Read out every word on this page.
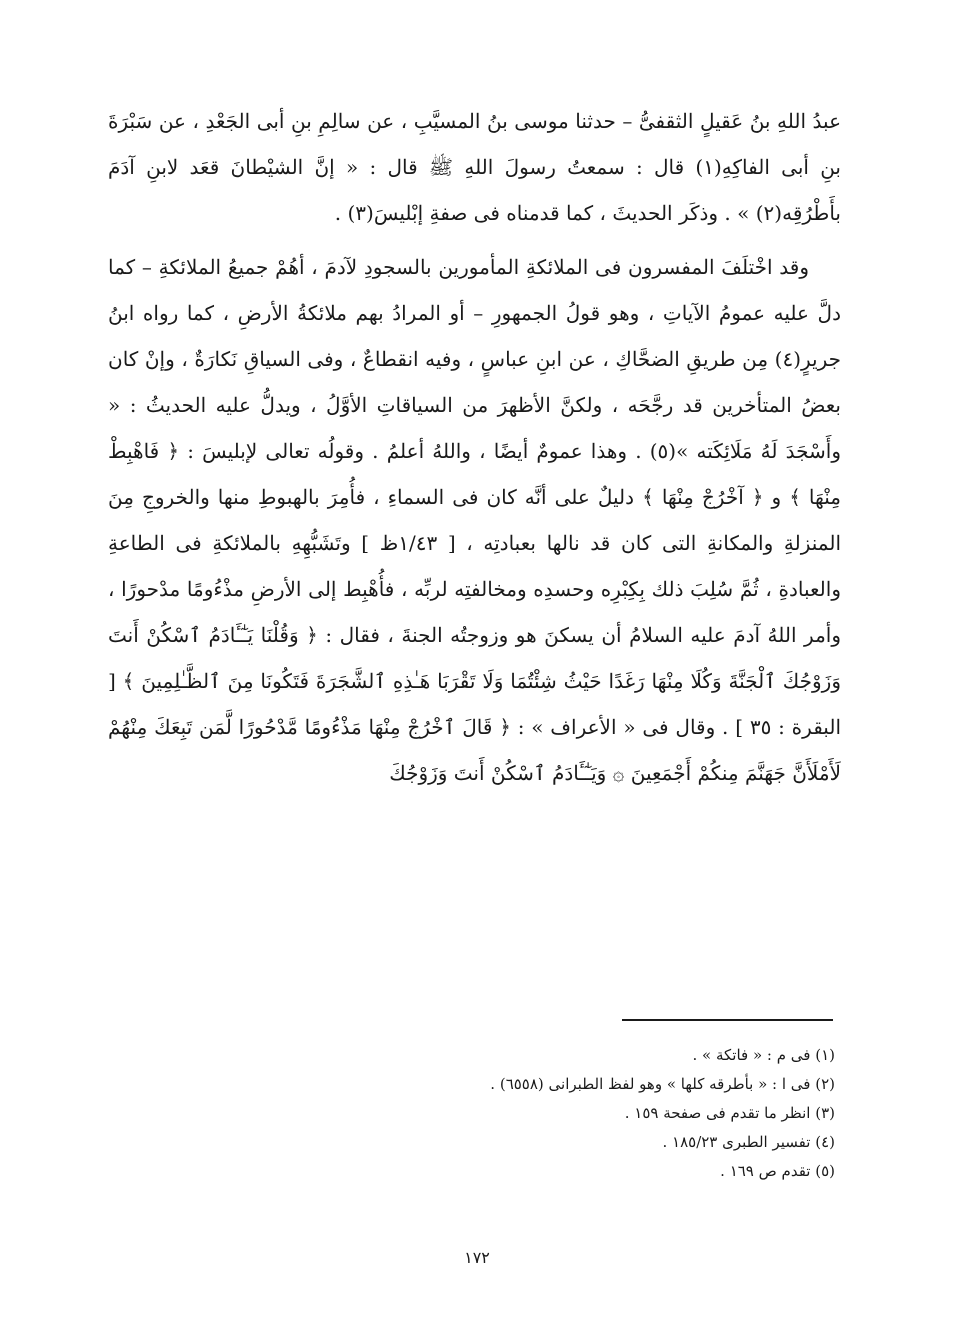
عبدُ اللهِ بنُ عَقيلٍ الثقفىُّ – حدثنا موسى بنُ المسيَّبِ ، عن سالِمِ بنِ أبى الجَعْدِ ، عن سَبْرَةَ بنِ أبى الفاكِهِ(١) قال : سمعتُ رسولَ اللهِ ﷺ قال : « إنَّ الشيْطانَ قعَد لابنِ آدَمَ بأَطْرُقِه(٢) » . وذكَر الحديثَ ، كما قدمناه فى صفةِ إبْليسَ(٣) .

وقد اخْتلَفَ المفسرون فى الملائكةِ المأمورين بالسجودِ لآدمَ ، أهُمْ جميعُ الملائكةِ – كما دلَّ عليه عمومُ الآياتِ ، وهو قولُ الجمهورِ – أو المرادُ بهم ملائكةُ الأرضِ ، كما رواه ابنُ جريرٍ(٤) مِن طريقِ الضحَّاكِ ، عن ابنِ عباسٍ ، وفيه انقطاعٌ ، وفى السياقِ نَكارَةٌ ، وإنْ كان بعضُ المتأخرين قد رجَّحَه ، ولكنَّ الأظهرَ من السياقاتِ الأوَّلُ ، ويدلُّ عليه الحديثُ : « وأَسْجَدَ لَهُ مَلَائِكَته »(٥) . وهذا عمومٌ أيضًا ، واللهُ أعلمُ . وقولُه تعالى لإبليسَ : ﴿ فَاهْبِطْ مِنْهَا ﴾ و ﴿ آخْرُجْ مِنْهَا ﴾ دليلٌ على أنَّه كان فى السماءِ ، فأُمِرَ بالهبوطِ منها والخروجِ مِنَ المنزلةِ والمكانةِ التى كان قد نالها بعبادتِه ، [ ١/٤٣ظ ] وتَشَبُّهِهِ بالملائكةِ فى الطاعةِ والعبادةِ ، ثُمَّ سُلِبَ ذلك بِكِبْرِه وحسدِه ومخالفتِه لربِّه ، فأُهْبِط إلى الأرضِ مذْءُومًا مدْحورًا ، وأمر اللهُ آدمَ عليه السلامُ أن يسكنَ هو وزوجتُه الجنةَ ، فقال : ﴿ وَقُلْنَا يَـٰٓـَٔادَمُ ٱسْكُنْ أَنتَ وَزَوْجُكَ ٱلْجَنَّةَ وَكُلَا مِنْهَا رَغَدًا حَيْثُ شِئْتُمَا وَلَا تَقْرَبَا هَـٰذِهِ ٱلشَّجَرَةَ فَتَكُونَا مِنَ ٱلظَّـٰلِمِينَ ﴾ [ البقرة : ٣٥ ] . وقال فى « الأعراف » : ﴿ قَالَ ٱخْرُجْ مِنْهَا مَذْءُومًا مَّدْحُورًا لَّمَن تَبِعَكَ مِنْهُمْ لَأَمْلَأَنَّ جَهَنَّمَ مِنكُمْ أَجْمَعِينَ ۞ وَيَـٰٓـَٔادَمُ ٱسْكُنْ أَنتَ وَزَوْجُكَ

(١) فى م : « فاتكة » .
(٢) فى ا : « بأطرقه كلها » وهو لفظ الطبرانى (٦٥٥٨) .
(٣) انظر ما تقدم فى صفحة ١٥٩ .
(٤) تفسير الطبرى ١٨٥/٢٣ .
(٥) تقدم ص ١٦٩ .
١٧٢
